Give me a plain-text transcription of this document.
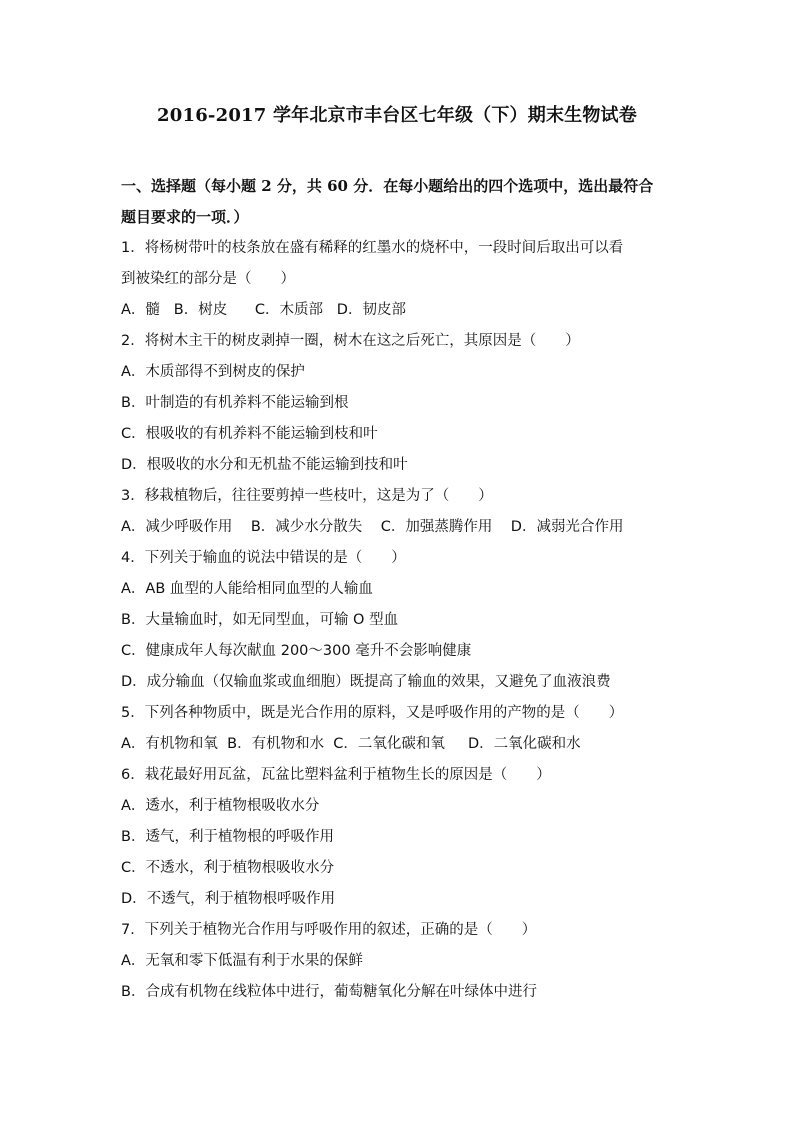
2016-2017 学年北京市丰台区七年级（下）期末生物试卷
一、选择题（每小题 2 分，共 60 分．在每小题给出的四个选项中，选出最符合
题目要求的一项．）
1．将杨树带叶的枝条放在盛有稀释的红墨水的烧杯中，一段时间后取出可以看
到被染红的部分是（　　）
A．髓   B．树皮      C．木质部   D．韧皮部
2．将树木主干的树皮剥掉一圈，树木在这之后死亡，其原因是（　　）
A．木质部得不到树皮的保护
B．叶制造的有机养料不能运输到根
C．根吸收的有机养料不能运输到枝和叶
D．根吸收的水分和无机盐不能运输到技和叶
3．移栽植物后，往往要剪掉一些枝叶，这是为了（　　）
A．减少呼吸作用    B．减少水分散失    C．加强蒸腾作用    D．减弱光合作用
4．下列关于输血的说法中错误的是（　　）
A．AB 血型的人能给相同血型的人输血
B．大量输血时，如无同型血，可输 O 型血
C．健康成年人每次献血 200～300 毫升不会影响健康
D．成分输血（仅输血浆或血细胞）既提高了输血的效果，又避免了血液浪费
5．下列各种物质中，既是光合作用的原料，又是呼吸作用的产物的是（　　）
A．有机物和氧  B．有机物和水  C．二氧化碳和氧     D．二氧化碳和水
6．栽花最好用瓦盆，瓦盆比塑料盆利于植物生长的原因是（　　）
A．透水，利于植物根吸收水分
B．透气，利于植物根的呼吸作用
C．不透水，利于植物根吸收水分
D．不透气，利于植物根呼吸作用
7．下列关于植物光合作用与呼吸作用的叙述，正确的是（　　）
A．无氧和零下低温有利于水果的保鲜
B．合成有机物在线粒体中进行，葡萄糖氧化分解在叶绿体中进行
